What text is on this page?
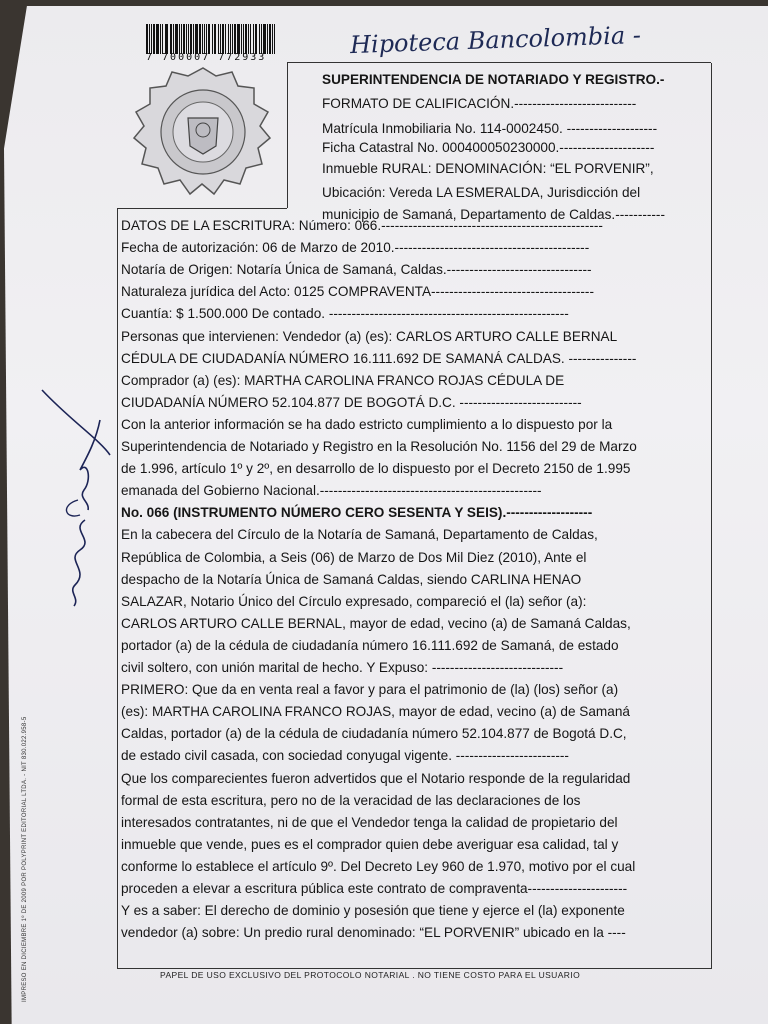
7 700007 772933	Hipoteca Bancolombia -
SUPERINTENDENCIA DE NOTARIADO Y REGISTRO.-
FORMATO DE CALIFICACIÓN.---------------------------
Matrícula Inmobiliaria No. 114-0002450. --------------------
Ficha Catastral No. 000400050230000.---------------------
Inmueble RURAL: DENOMINACIÓN: “EL PORVENIR”,
Ubicación: Vereda LA ESMERALDA, Jurisdicción del
municipio de Samaná, Departamento de Caldas.-----------
DATOS DE LA ESCRITURA: Número: 066.-------------------------------------------------
Fecha de autorización: 06 de Marzo de 2010.-------------------------------------------
Notaría de Origen: Notaría Única de Samaná, Caldas.--------------------------------
Naturaleza jurídica del Acto: 0125 COMPRAVENTA------------------------------------
Cuantía: $ 1.500.000 De contado. -----------------------------------------------------
Personas que intervienen: Vendedor (a) (es): CARLOS ARTURO CALLE BERNAL
CÉDULA DE CIUDADANÍA NÚMERO 16.111.692 DE SAMANÁ CALDAS. ---------------
Comprador (a) (es): MARTHA CAROLINA FRANCO ROJAS CÉDULA DE
CIUDADANÍA NÚMERO 52.104.877 DE BOGOTÁ D.C. ---------------------------
Con la anterior información se ha dado estricto cumplimiento a lo dispuesto por la
Superintendencia de Notariado y Registro en la Resolución No. 1156 del 29 de Marzo
de 1.996, artículo 1º y 2º, en desarrollo de lo dispuesto por el Decreto 2150 de 1.995
emanada del Gobierno Nacional.-------------------------------------------------
No. 066 (INSTRUMENTO NÚMERO CERO SESENTA Y SEIS).-------------------
En la cabecera del Círculo de la Notaría de Samaná, Departamento de Caldas,
República de Colombia, a Seis (06) de Marzo de Dos Mil Diez (2010), Ante el
despacho de la Notaría Única de Samaná Caldas, siendo CARLINA HENAO
SALAZAR, Notario Único del Círculo expresado, compareció el (la) señor (a):
CARLOS ARTURO CALLE BERNAL, mayor de edad, vecino (a) de Samaná Caldas,
portador (a) de la cédula de ciudadanía número 16.111.692 de Samaná, de estado
civil soltero, con unión marital de hecho. Y Expuso: -----------------------------
PRIMERO: Que da en venta real a favor y para el patrimonio de (la) (los) señor (a)
(es): MARTHA CAROLINA FRANCO ROJAS, mayor de edad, vecino (a) de Samaná
Caldas, portador (a) de la cédula de ciudadanía número 52.104.877 de Bogotá D.C,
de estado civil casada, con sociedad conyugal vigente. -------------------------
Que los comparecientes fueron advertidos que el Notario responde de la regularidad
formal de esta escritura, pero no de la veracidad de las declaraciones de los
interesados contratantes, ni de que el Vendedor tenga la calidad de propietario del
inmueble que vende, pues es el comprador quien debe averiguar esa calidad, tal y
conforme lo establece el artículo 9º. Del Decreto Ley 960 de 1.970, motivo por el cual
proceden a elevar a escritura pública este contrato de compraventa----------------------
Y es a saber: El derecho de dominio y posesión que tiene y ejerce el (la) exponente
vendedor (a) sobre: Un predio rural denominado: “EL PORVENIR” ubicado en la ----
PAPEL DE USO EXCLUSIVO DEL PROTOCOLO NOTARIAL . NO TIENE COSTO PARA EL USUARIO
IMPRESO EN DICIEMBRE 1º DE 2009 POR POLYPRINT EDITORIAL LTDA. - NIT 830.022.958-5
